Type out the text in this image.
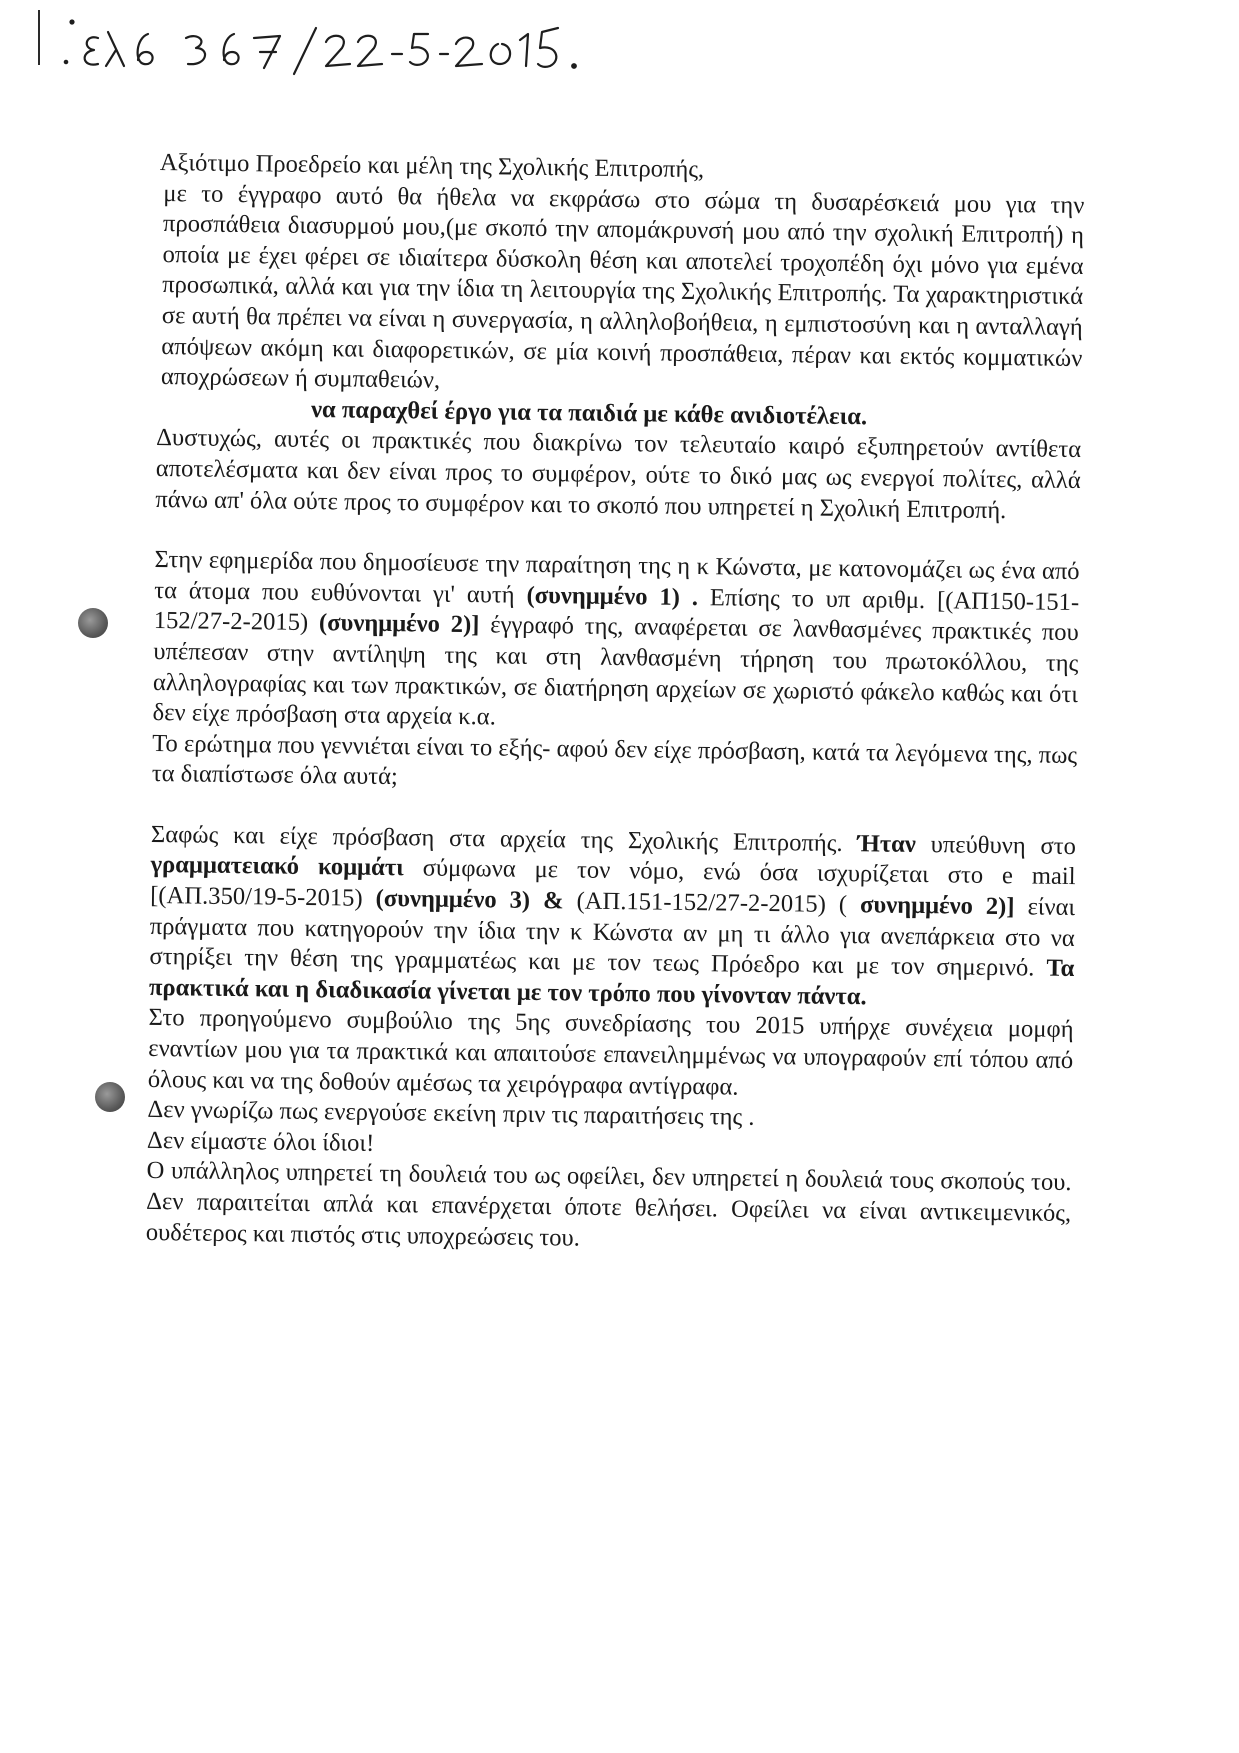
Αξιότιμο Προεδρείο και μέλη της Σχολικής Επιτροπής,

με το έγγραφο αυτό θα ήθελα να εκφράσω στο σώμα τη δυσαρέσκειά μου για την προσπάθεια διασυρμού μου,(με σκοπό την απομάκρυνσή μου από την σχολική Επιτροπή) η οποία με έχει φέρει σε ιδιαίτερα δύσκολη θέση και αποτελεί τροχοπέδη όχι μόνο για εμένα προσωπικά, αλλά και για την ίδια τη λειτουργία της Σχολικής Επιτροπής. Τα χαρακτηριστικά σε αυτή θα πρέπει να είναι η συνεργασία, η αλληλοβοήθεια, η εμπιστοσύνη και η ανταλλαγή απόψεων ακόμη και διαφορετικών, σε μία κοινή προσπάθεια, πέραν και εκτός κομματικών αποχρώσεων ή συμπαθειών,

να παραχθεί έργο για τα παιδιά με κάθε ανιδιοτέλεια.

Δυστυχώς, αυτές οι πρακτικές που διακρίνω τον τελευταίο καιρό εξυπηρετούν αντίθετα αποτελέσματα και δεν είναι προς το συμφέρον, ούτε το δικό μας ως ενεργοί πολίτες, αλλά πάνω απ' όλα ούτε προς το συμφέρον και το σκοπό που υπηρετεί η Σχολική Επιτροπή.

Στην εφημερίδα που δημοσίευσε την παραίτηση της η κ Κώνστα, με κατονομάζει ως ένα από τα άτομα που ευθύνονται γι' αυτή (συνημμένο 1) . Επίσης το υπ αριθμ. [(ΑΠ150-151-152/27-2-2015) (συνημμένο 2)] έγγραφό της, αναφέρεται σε λανθασμένες πρακτικές που υπέπεσαν στην αντίληψη της και στη λανθασμένη τήρηση του πρωτοκόλλου, της αλληλογραφίας και των πρακτικών, σε διατήρηση αρχείων σε χωριστό φάκελο καθώς και ότι δεν είχε πρόσβαση στα αρχεία κ.α.

Το ερώτημα που γεννιέται είναι το εξής- αφού δεν είχε πρόσβαση, κατά τα λεγόμενα της, πως τα διαπίστωσε όλα αυτά;

Σαφώς και είχε πρόσβαση στα αρχεία της Σχολικής Επιτροπής. Ήταν υπεύθυνη στο γραμματειακό κομμάτι σύμφωνα με τον νόμο, ενώ όσα ισχυρίζεται στο e mail [(ΑΠ.350/19-5-2015) (συνημμένο 3) & (ΑΠ.151-152/27-2-2015) ( συνημμένο 2)] είναι πράγματα που κατηγορούν την ίδια την κ Κώνστα αν μη τι άλλο για ανεπάρκεια στο να στηρίξει την θέση της γραμματέως και με τον τεως Πρόεδρο και με τον σημερινό. Τα πρακτικά και η διαδικασία γίνεται με τον τρόπο που γίνονταν πάντα.

Στο προηγούμενο συμβούλιο της 5ης συνεδρίασης του 2015 υπήρχε συνέχεια μομφή εναντίων μου για τα πρακτικά και απαιτούσε επανειλημμένως να υπογραφούν επί τόπου από όλους και να της δοθούν αμέσως τα χειρόγραφα αντίγραφα.

Δεν γνωρίζω πως ενεργούσε εκείνη πριν τις παραιτήσεις της .

Δεν είμαστε όλοι ίδιοι!

Ο υπάλληλος υπηρετεί τη δουλειά του ως οφείλει, δεν υπηρετεί η δουλειά τους σκοπούς του. Δεν παραιτείται απλά και επανέρχεται όποτε θελήσει. Οφείλει να είναι αντικειμενικός, ουδέτερος και πιστός στις υποχρεώσεις του.
